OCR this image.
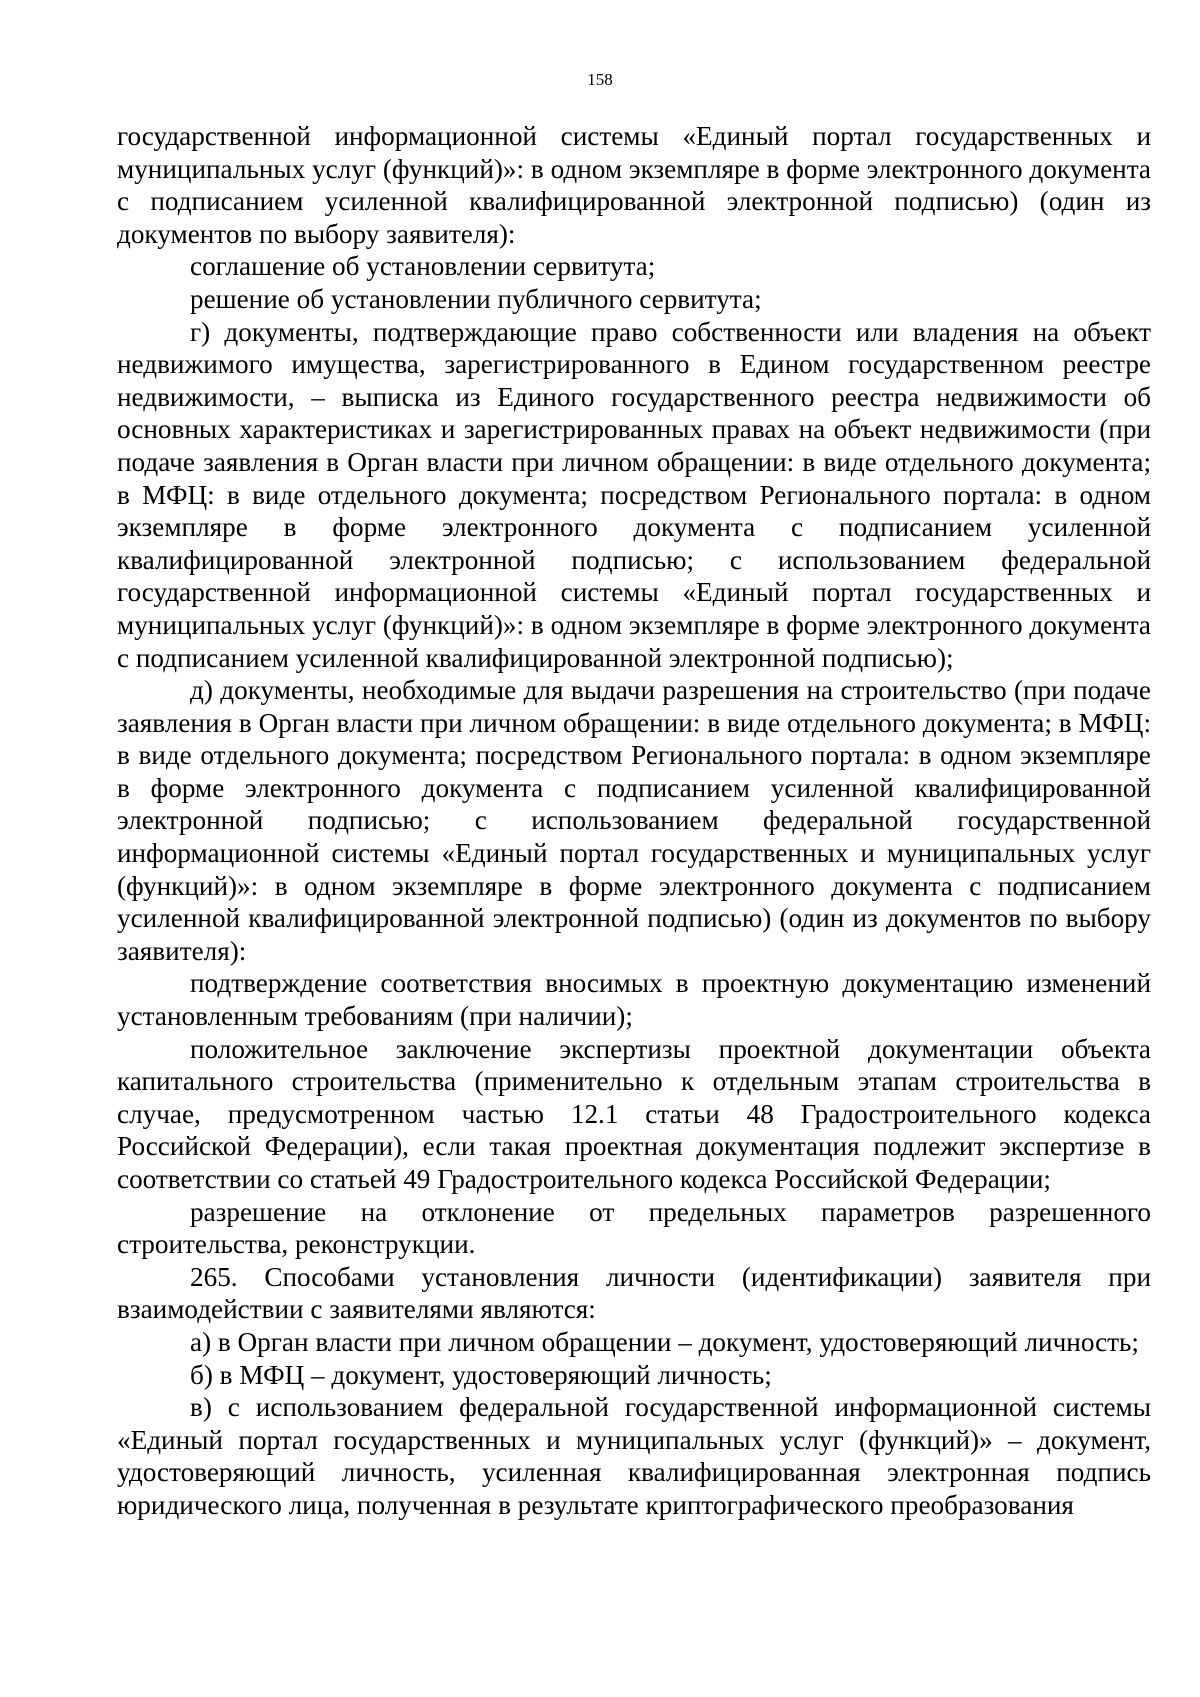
158

государственной информационной системы «Единый портал государственных и муниципальных услуг (функций)»: в одном экземпляре в форме электронного документа с подписанием усиленной квалифицированной электронной подписью) (один из документов по выбору заявителя):

соглашение об установлении сервитута;

решение об установлении публичного сервитута;

г) документы, подтверждающие право собственности или владения на объект недвижимого имущества, зарегистрированного в Едином государственном реестре недвижимости, – выписка из Единого государственного реестра недвижимости об основных характеристиках и зарегистрированных правах на объект недвижимости (при подаче заявления в Орган власти при личном обращении: в виде отдельного документа; в МФЦ: в виде отдельного документа; посредством Регионального портала: в одном экземпляре в форме электронного документа с подписанием усиленной квалифицированной электронной подписью; с использованием федеральной государственной информационной системы «Единый портал государственных и муниципальных услуг (функций)»: в одном экземпляре в форме электронного документа с подписанием усиленной квалифицированной электронной подписью);

д) документы, необходимые для выдачи разрешения на строительство (при подаче заявления в Орган власти при личном обращении: в виде отдельного документа; в МФЦ: в виде отдельного документа; посредством Регионального портала: в одном экземпляре в форме электронного документа с подписанием усиленной квалифицированной электронной подписью; с использованием федеральной государственной информационной системы «Единый портал государственных и муниципальных услуг (функций)»: в одном экземпляре в форме электронного документа с подписанием усиленной квалифицированной электронной подписью) (один из документов по выбору заявителя):

подтверждение соответствия вносимых в проектную документацию изменений установленным требованиям (при наличии);

положительное заключение экспертизы проектной документации объекта капитального строительства (применительно к отдельным этапам строительства в случае, предусмотренном частью 12.1 статьи 48 Градостроительного кодекса Российской Федерации), если такая проектная документация подлежит экспертизе в соответствии со статьей 49 Градостроительного кодекса Российской Федерации;

разрешение на отклонение от предельных параметров разрешенного строительства, реконструкции.

265. Способами установления личности (идентификации) заявителя при взаимодействии с заявителями являются:

а) в Орган власти при личном обращении – документ, удостоверяющий личность;

б) в МФЦ – документ, удостоверяющий личность;

в) с использованием федеральной государственной информационной системы «Единый портал государственных и муниципальных услуг (функций)» – документ, удостоверяющий личность, усиленная квалифицированная электронная подпись юридического лица, полученная в результате криптографического преобразования
